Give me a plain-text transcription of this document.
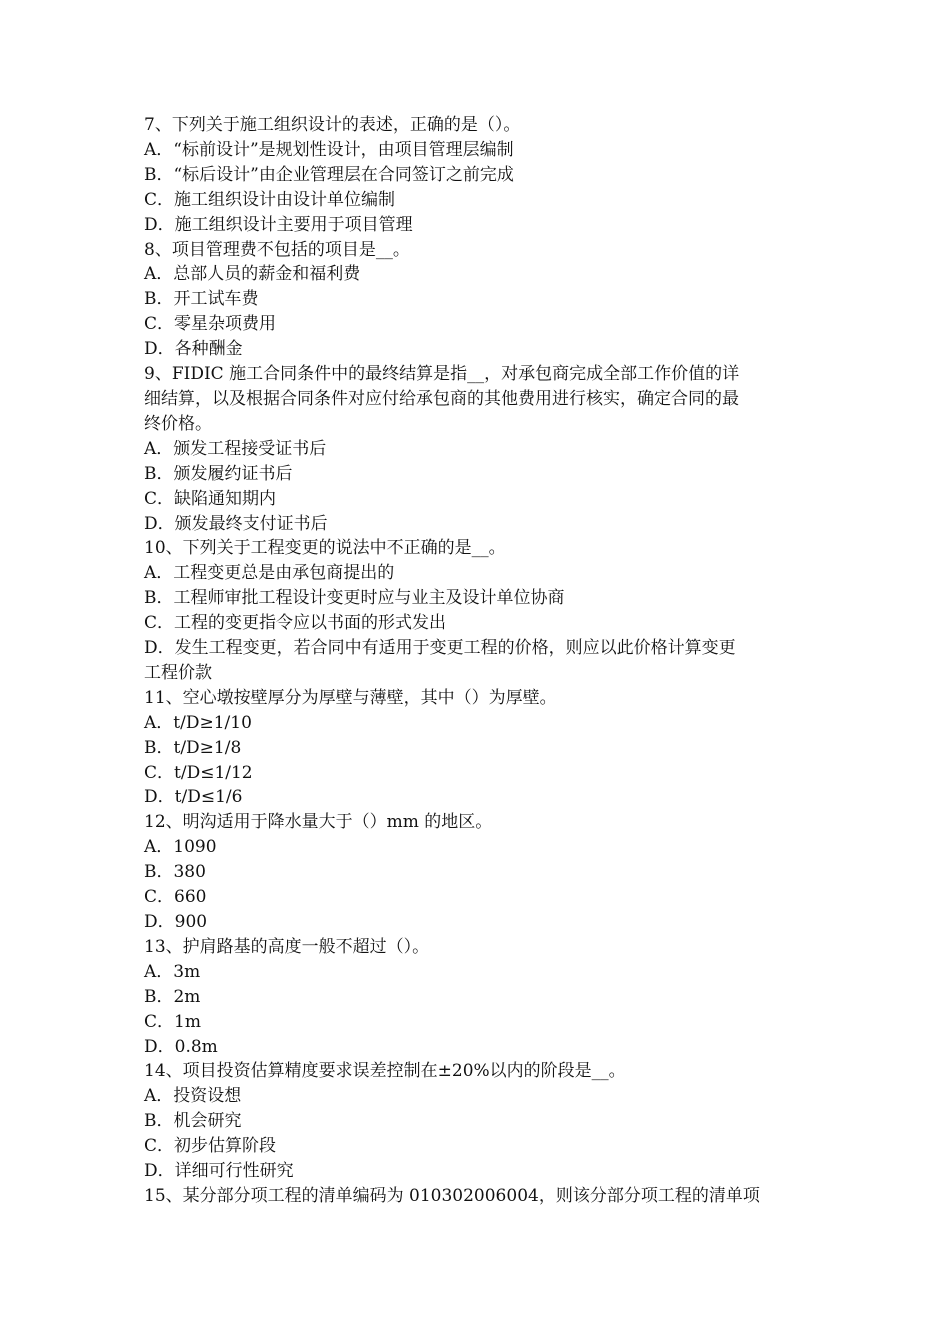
7、下列关于施工组织设计的表述，正确的是（）。
A．“标前设计”是规划性设计，由项目管理层编制
B．“标后设计”由企业管理层在合同签订之前完成
C．施工组织设计由设计单位编制
D．施工组织设计主要用于项目管理
8、项目管理费不包括的项目是__。
A．总部人员的薪金和福利费
B．开工试车费
C．零星杂项费用
D．各种酬金
9、FIDIC 施工合同条件中的最终结算是指__，对承包商完成全部工作价值的详
细结算，以及根据合同条件对应付给承包商的其他费用进行核实，确定合同的最
终价格。
A．颁发工程接受证书后
B．颁发履约证书后
C．缺陷通知期内
D．颁发最终支付证书后
10、下列关于工程变更的说法中不正确的是__。
A．工程变更总是由承包商提出的
B．工程师审批工程设计变更时应与业主及设计单位协商
C．工程的变更指令应以书面的形式发出
D．发生工程变更，若合同中有适用于变更工程的价格，则应以此价格计算变更
工程价款
11、空心墩按壁厚分为厚壁与薄壁，其中（）为厚壁。
A．t/D≥1/10
B．t/D≥1/8
C．t/D≤1/12
D．t/D≤1/6
12、明沟适用于降水量大于（）mm 的地区。
A．1090
B．380
C．660
D．900
13、护肩路基的高度一般不超过（）。
A．3m
B．2m
C．1m
D．0.8m
14、项目投资估算精度要求误差控制在±20%以内的阶段是__。
A．投资设想
B．机会研究
C．初步估算阶段
D．详细可行性研究
15、某分部分项工程的清单编码为 010302006004，则该分部分项工程的清单项
